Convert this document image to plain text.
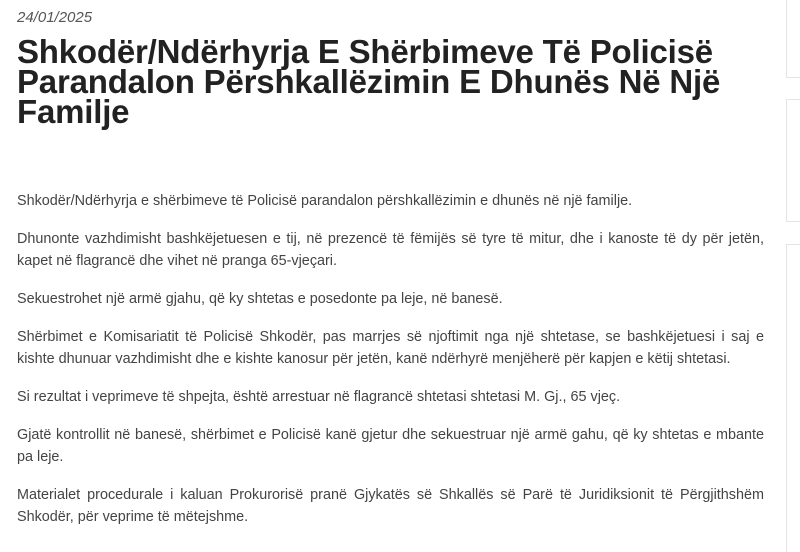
24/01/2025
Shkodër/Ndërhyrja E Shërbimeve Të Policisë Parandalon Përshkallëzimin E Dhunës Në Një Familje

Shkodër/Ndërhyrja e shërbimeve të Policisë parandalon përshkallëzimin e dhunës në një familje.

Dhunonte vazhdimisht bashkëjetuesen e tij, në prezencë të fëmijës së tyre të mitur, dhe i kanoste të dy për jetën, kapet në flagrancë dhe vihet në pranga 65-vjeçari.

Sekuestrohet një armë gjahu, që ky shtetas e posedonte pa leje, në banesë.

Shërbimet e Komisariatit të Policisë Shkodër, pas marrjes së njoftimit nga një shtetase, se bashkëjetuesi i saj e kishte dhunuar vazhdimisht dhe e kishte kanosur për jetën, kanë ndërhyrë menjëherë për kapjen e këtij shtetasi.

Si rezultat i veprimeve të shpejta, është arrestuar në flagrancë shtetasi shtetasi M. Gj., 65 vjeç.

Gjatë kontrollit në banesë, shërbimet e Policisë kanë gjetur dhe sekuestruar një armë gahu, që ky shtetas e mbante pa leje.

Materialet procedurale i kaluan Prokurorisë pranë Gjykatës së Shkallës së Parë të Juridiksionit të Përgjithshëm Shkodër, për veprime të mëtejshme.
